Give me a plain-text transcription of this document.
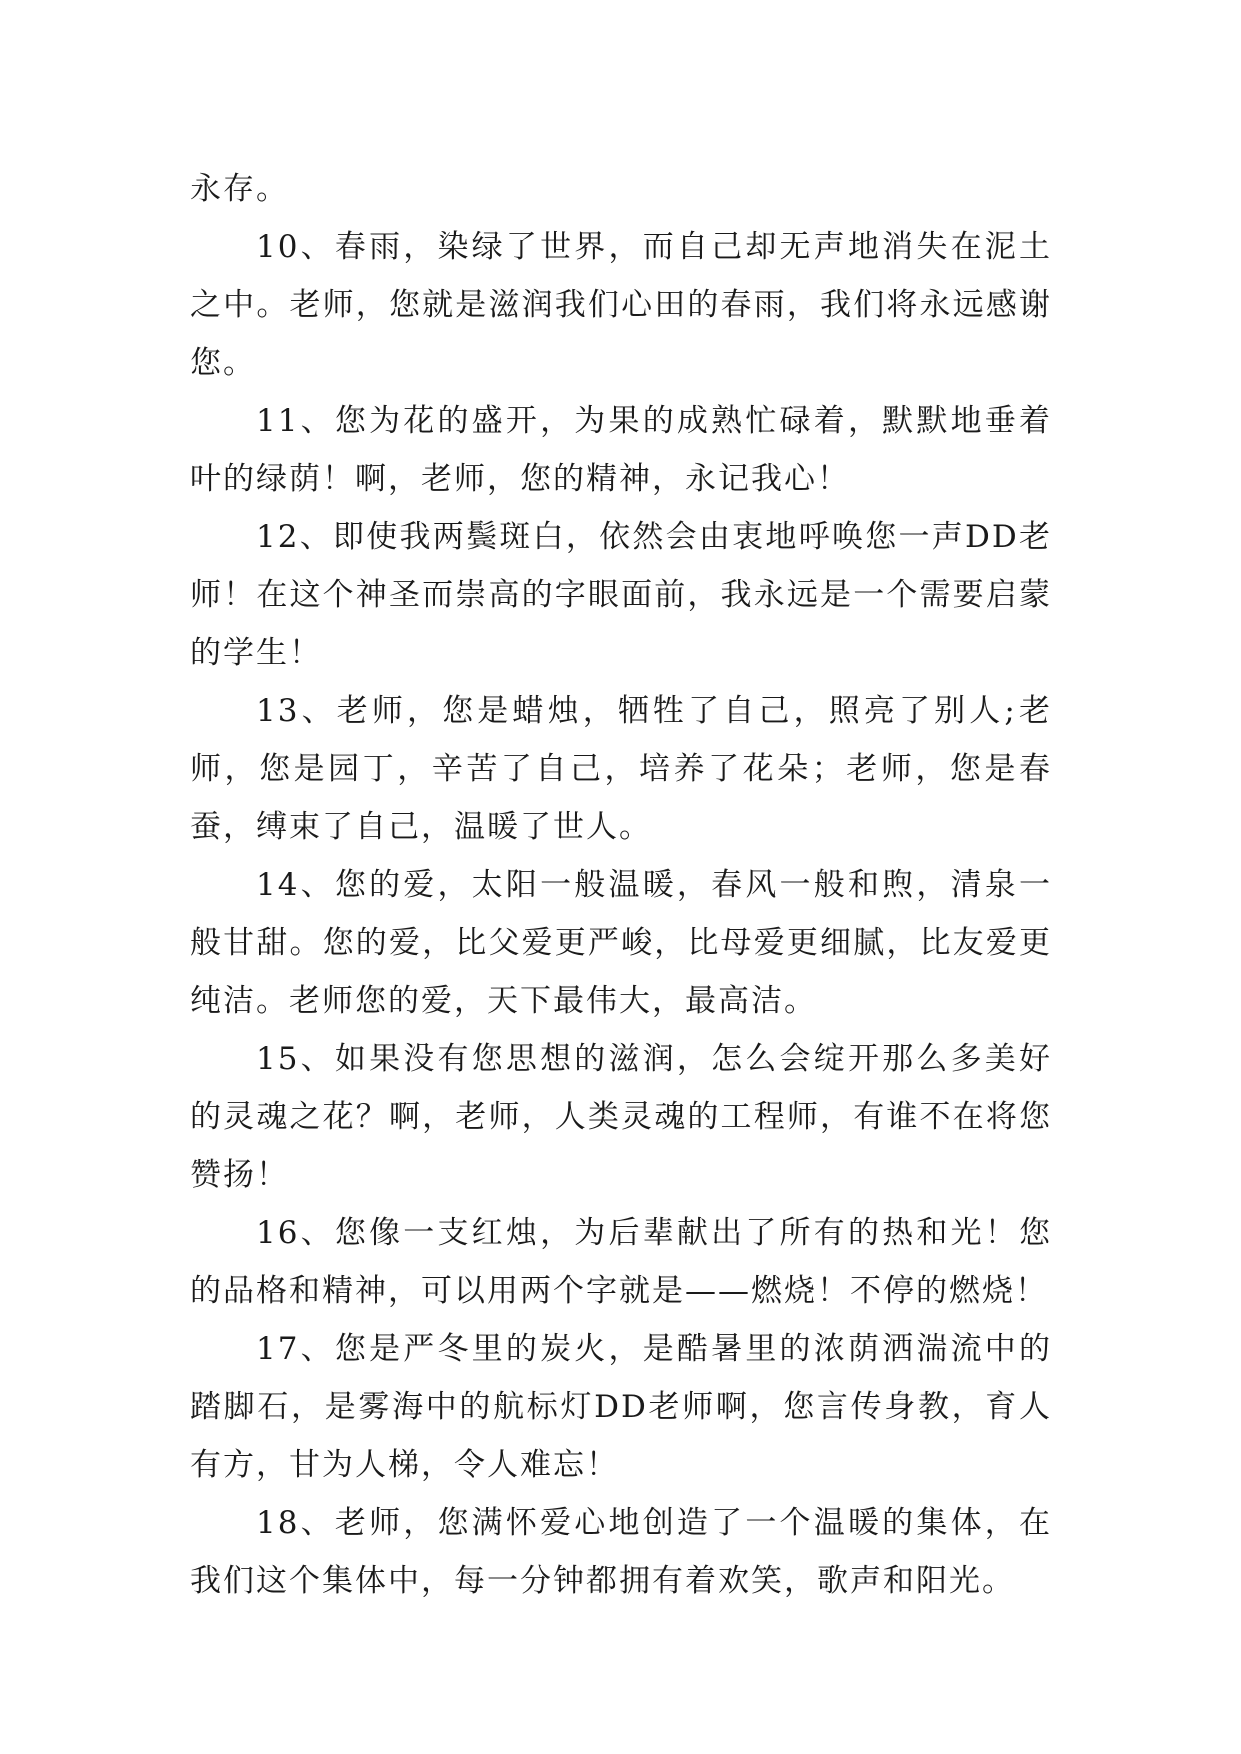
永存。

10、春雨，染绿了世界，而自己却无声地消失在泥土之中。老师，您就是滋润我们心田的春雨，我们将永远感谢您。

11、您为花的盛开，为果的成熟忙碌着，默默地垂着叶的绿荫！啊，老师，您的精神，永记我心！

12、即使我两鬓斑白，依然会由衷地呼唤您一声DD老师！在这个神圣而崇高的字眼面前，我永远是一个需要启蒙的学生！

13、老师，您是蜡烛，牺牲了自己，照亮了别人;老师，您是园丁，辛苦了自己，培养了花朵；老师，您是春蚕，缚束了自己，温暖了世人。

14、您的爱，太阳一般温暖，春风一般和煦，清泉一般甘甜。您的爱，比父爱更严峻，比母爱更细腻，比友爱更纯洁。老师您的爱，天下最伟大，最高洁。

15、如果没有您思想的滋润，怎么会绽开那么多美好的灵魂之花？啊，老师，人类灵魂的工程师，有谁不在将您赞扬！

16、您像一支红烛，为后辈献出了所有的热和光！您的品格和精神，可以用两个字就是——燃烧！不停的燃烧！

17、您是严冬里的炭火，是酷暑里的浓荫洒湍流中的踏脚石，是雾海中的航标灯DD老师啊，您言传身教，育人有方，甘为人梯，令人难忘！

18、老师，您满怀爱心地创造了一个温暖的集体，在我们这个集体中，每一分钟都拥有着欢笑，歌声和阳光。
